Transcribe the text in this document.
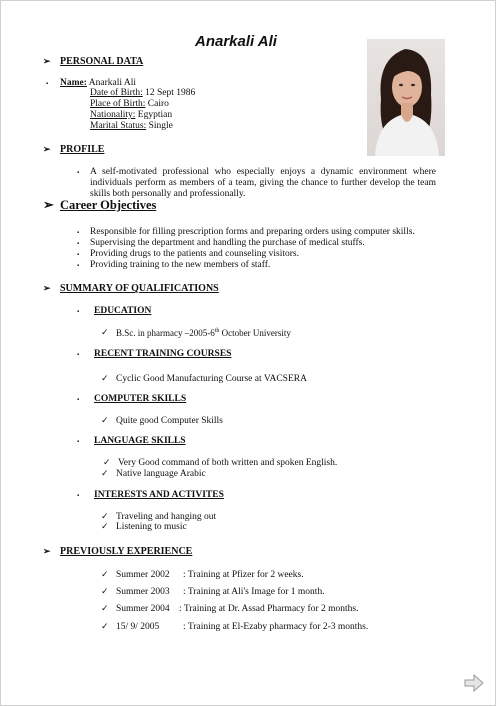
Anarkali Ali
➢ PERSONAL DATA
▪ Name: Anarkali Ali
Date of Birth: 12 Sept 1986
Place of Birth: Cairo
Nationality: Egyptian
Marital Status: Single
➢ PROFILE
▪ A self-motivated professional who especially enjoys a dynamic environment where individuals perform as members of a team, giving the chance to further develop the team skills both personally and professionally.
➢ Career Objectives
▪ Responsible for filling prescription forms and preparing orders using computer skills.
▪ Supervising the department and handling the purchase of medical stuffs.
▪ Providing drugs to the patients and counseling visitors.
▪ Providing training to the new members of staff.
➢ SUMMARY OF QUALIFICATIONS
▪ EDUCATION
✓ B.Sc. in pharmacy –2005-6th October University
▪ RECENT TRAINING COURSES
✓ Cyclic Good Manufacturing Course at VACSERA
▪ COMPUTER SKILLS
✓ Quite good Computer Skills
▪ LANGUAGE SKILLS
✓ Very Good command of both written and spoken English.
✓ Native language Arabic
▪ INTERESTS AND ACTIVITES
✓ Traveling and hanging out
✓ Listening to music
➢ PREVIOUSLY EXPERIENCE
✓ Summer 2002 : Training at Pfizer for 2 weeks.
✓ Summer 2003 : Training at Ali's Image for 1 month.
✓ Summer 2004 : Training at Dr. Assad Pharmacy for 2 months.
✓ 15/ 9/ 2005 : Training at El-Ezaby pharmacy for 2-3 months.
